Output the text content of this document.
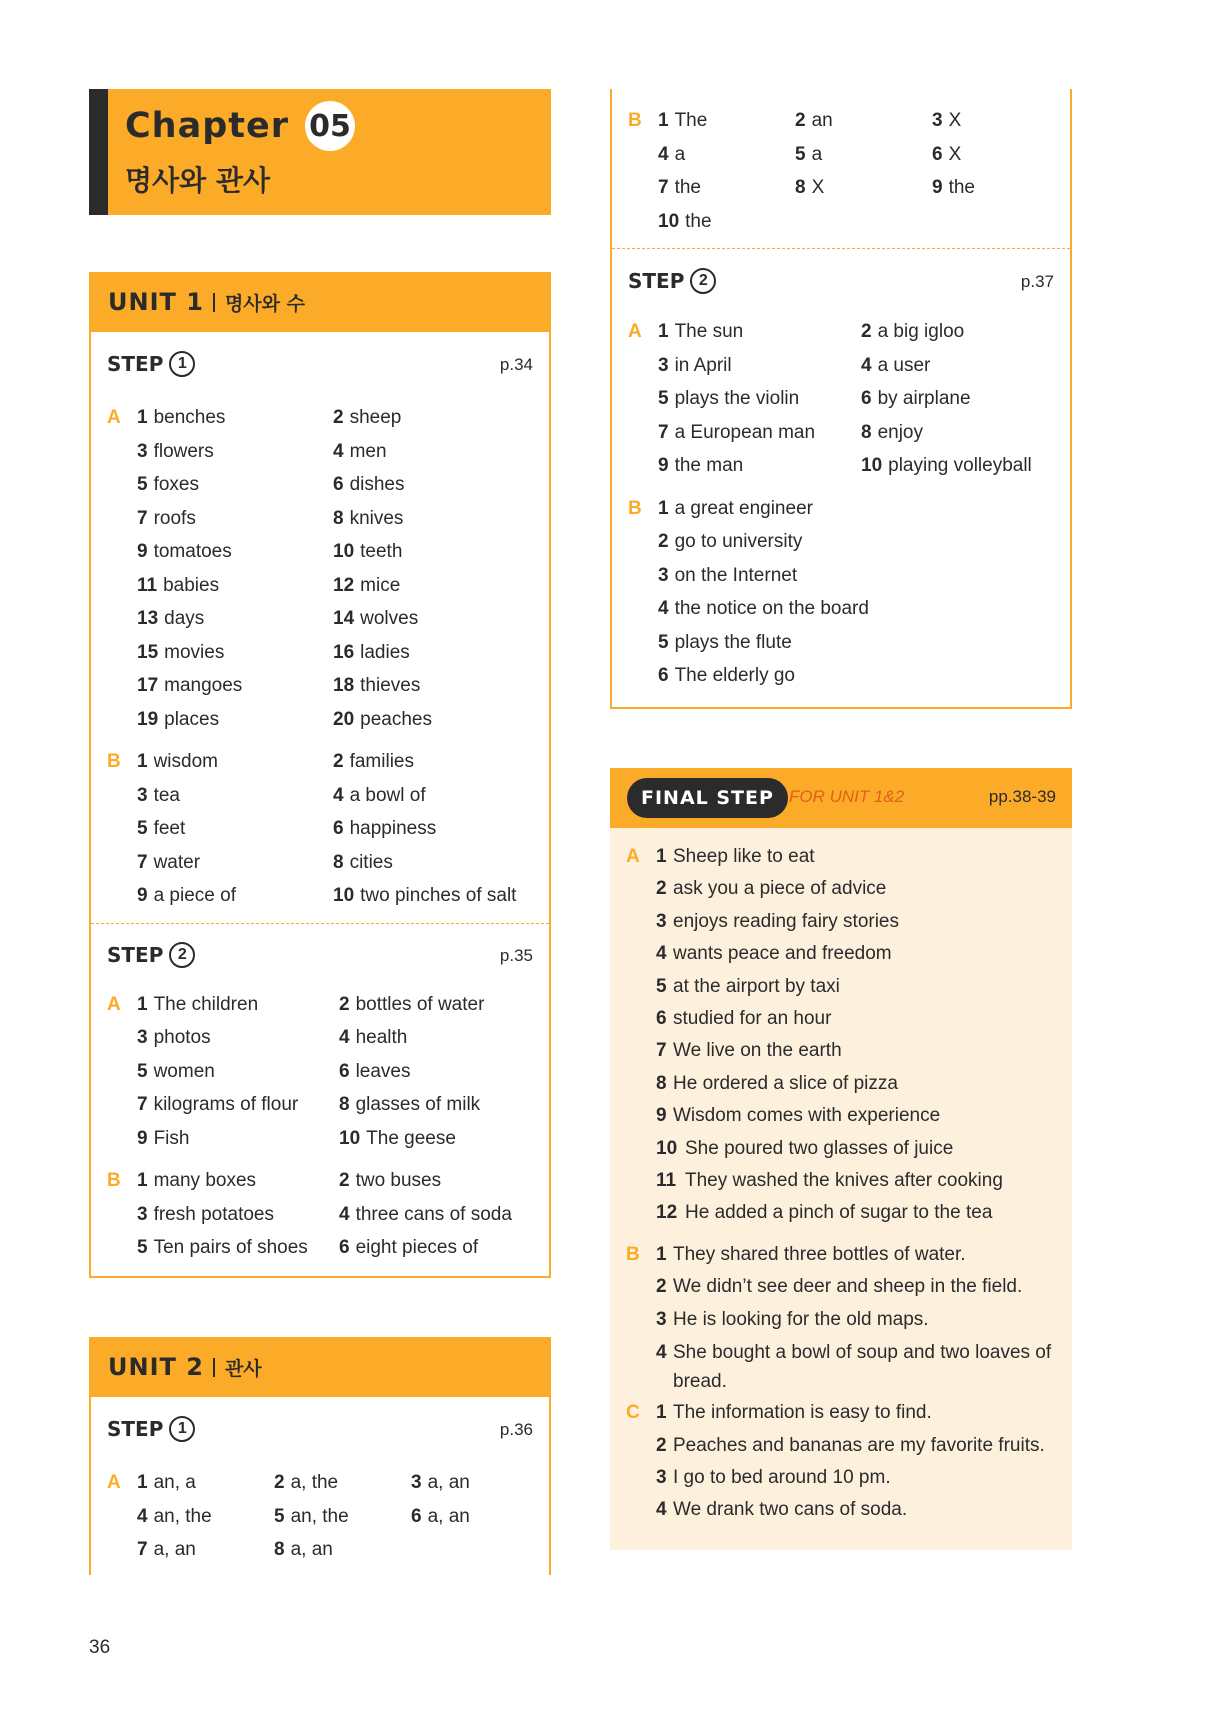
Chapter 05
명사와 관사
UNIT 1 명사와 수
STEP 1	p.34
A 1 benches	2 sheep
3 flowers	4 men
5 foxes	6 dishes
7 roofs	8 knives
9 tomatoes	10 teeth
11 babies	12 mice
13 days	14 wolves
15 movies	16 ladies
17 mangoes	18 thieves
19 places	20 peaches
B 1 wisdom	2 families
3 tea	4 a bowl of
5 feet	6 happiness
7 water	8 cities
9 a piece of	10 two pinches of salt
STEP 2	p.35
A 1 The children	2 bottles of water
3 photos	4 health
5 women	6 leaves
7 kilograms of flour	8 glasses of milk
9 Fish	10 The geese
B 1 many boxes	2 two buses
3 fresh potatoes	4 three cans of soda
5 Ten pairs of shoes	6 eight pieces of
UNIT 2 관사
STEP 1	p.36
A 1 an, a	2 a, the	3 a, an
4 an, the	5 an, the	6 a, an
7 a, an	8 a, an
B 1 The	2 an	3 X
4 a	5 a	6 X
7 the	8 X	9 the
10 the
STEP 2	p.37
A 1 The sun	2 a big igloo
3 in April	4 a user
5 plays the violin	6 by airplane
7 a European man	8 enjoy
9 the man	10 playing volleyball
B 1 a great engineer
2 go to university
3 on the Internet
4 the notice on the board
5 plays the flute
6 The elderly go
FINAL STEP FOR UNIT 1&2	pp.38-39
A 1 Sheep like to eat
2 ask you a piece of advice
3 enjoys reading fairy stories
4 wants peace and freedom
5 at the airport by taxi
6 studied for an hour
7 We live on the earth
8 He ordered a slice of pizza
9 Wisdom comes with experience
10 She poured two glasses of juice
11 They washed the knives after cooking
12 He added a pinch of sugar to the tea
B 1 They shared three bottles of water.
2 We didn’t see deer and sheep in the field.
3 He is looking for the old maps.
4 She bought a bowl of soup and two loaves of bread.
C 1 The information is easy to find.
2 Peaches and bananas are my favorite fruits.
3 I go to bed around 10 pm.
4 We drank two cans of soda.
36
